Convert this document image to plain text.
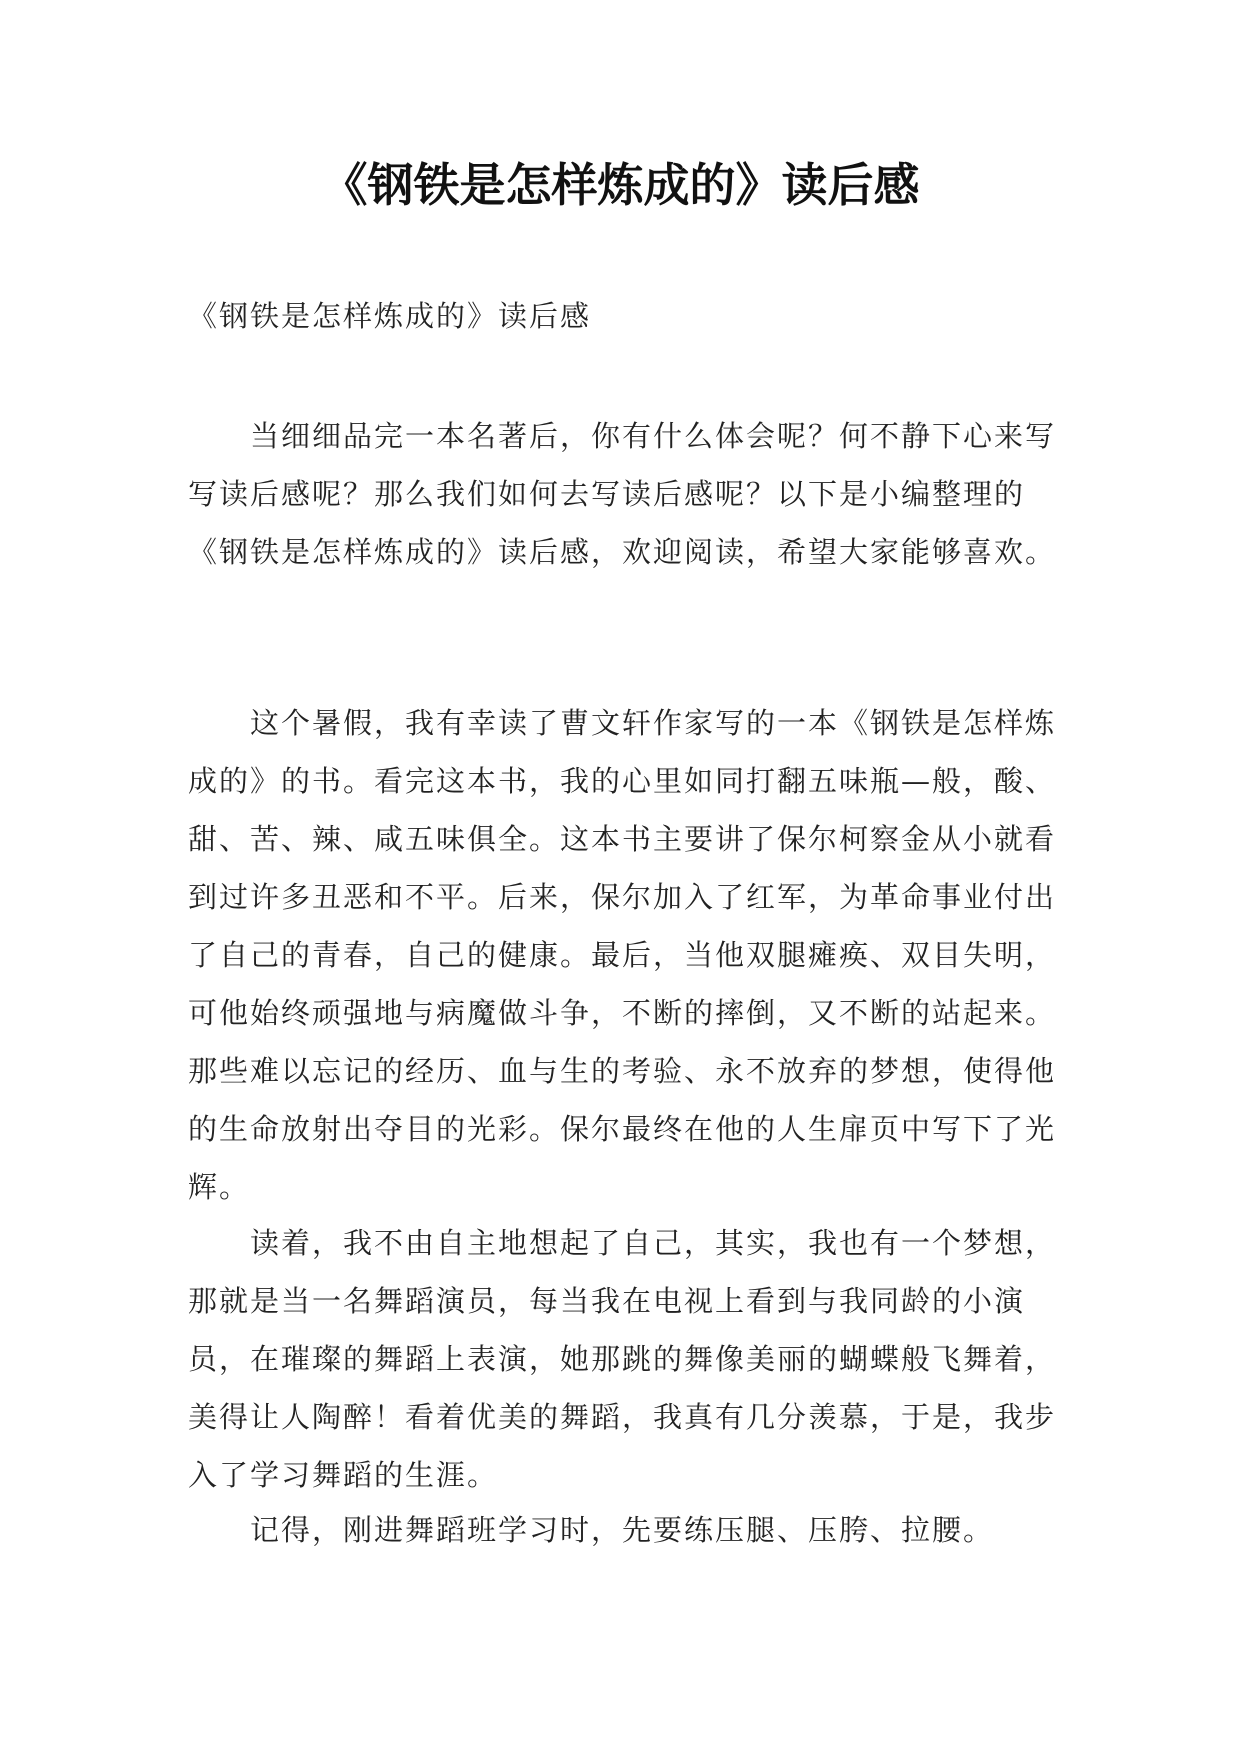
《钢铁是怎样炼成的》读后感

《钢铁是怎样炼成的》读后感

当细细品完一本名著后，你有什么体会呢？何不静下心来写写读后感呢？那么我们如何去写读后感呢？以下是小编整理的《钢铁是怎样炼成的》读后感，欢迎阅读，希望大家能够喜欢。

这个暑假，我有幸读了曹文轩作家写的一本《钢铁是怎样炼成的》的书。看完这本书，我的心里如同打翻五味瓶—般，酸、甜、苦、辣、咸五味俱全。这本书主要讲了保尔柯察金从小就看到过许多丑恶和不平。后来，保尔加入了红军，为革命事业付出了自己的青春，自己的健康。最后，当他双腿瘫痪、双目失明，可他始终顽强地与病魔做斗争，不断的摔倒，又不断的站起来。那些难以忘记的经历、血与生的考验、永不放弃的梦想，使得他的生命放射出夺目的光彩。保尔最终在他的人生扉页中写下了光辉。

读着，我不由自主地想起了自己，其实，我也有一个梦想，那就是当一名舞蹈演员，每当我在电视上看到与我同龄的小演员，在璀璨的舞蹈上表演，她那跳的舞像美丽的蝴蝶般飞舞着，美得让人陶醉！看着优美的舞蹈，我真有几分羡慕，于是，我步入了学习舞蹈的生涯。

记得，刚进舞蹈班学习时，先要练压腿、压胯、拉腰。
